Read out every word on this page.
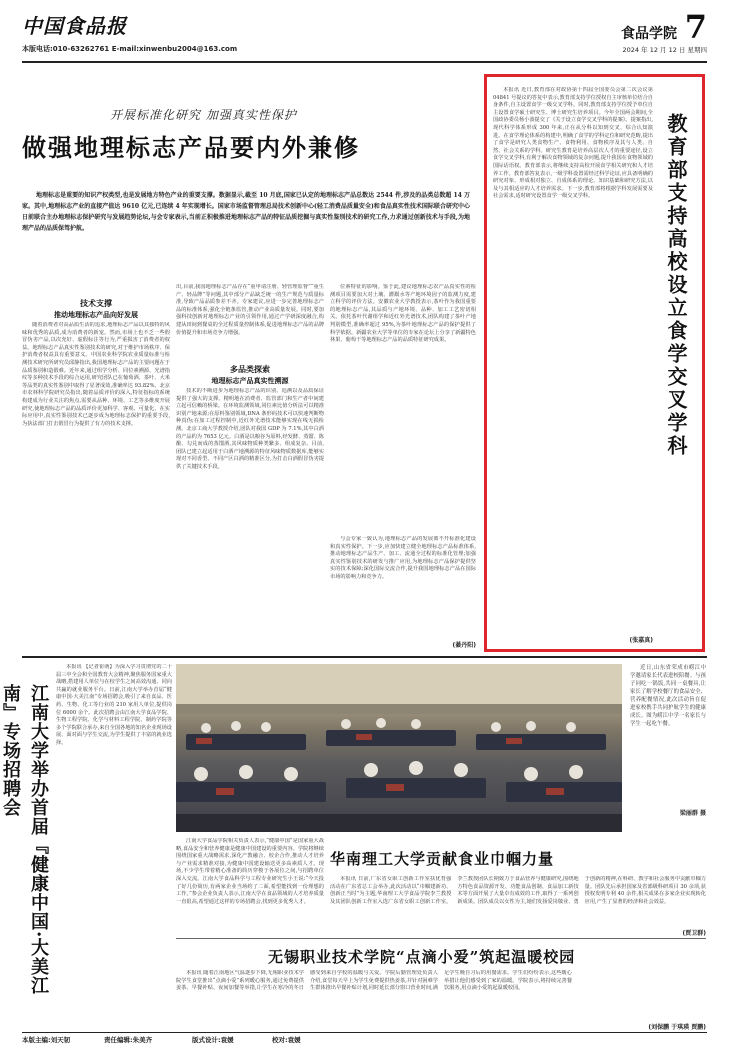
中国食品报
本版电话:010-63262761 E-mail:xinwenbu2004@163.com
食品学院 7
2024 年 12 月 12 日 星期四
开展标准化研究 加强真实性保护
做强地理标志产品要内外兼修
地理标志是重要的知识产权类型,也是发展地方特色产业的重要支撑。数据显示,截至 10 月底,国家已认定的地理标志产品总数达 2544 件,涉及的品类总数超 14 万家。其中,地理标志产业的直接产值达 9610 亿元,已连续 4 年实现增长。国家市场监督管理总局技术创新中心(轻工消费品质量安全)和食品真实性技术国际联合研究中心日前联合主办地理标志保护研究与发展趋势论坛,与会专家表示,当前正积极推进地理标志产品的特征品质挖掘与真实性鉴别技术的研究工作,力求通过创新技术与手段,为地理产品的品质保驾护航。
技术支撑
推动地理标志产品向好发展
随着消费者对高品质生活的追求,地理标志产品以其独特的风味和优秀的品质,成为消费者的新宠。然而,市场上也不乏一些假冒伪劣产品,以次充好、虚假标注等行为,严重损害了消费者的权益。地理标志产品真实性鉴别技术的研究,对于维护市场秩序、保护消费者权益具有重要意义。中国农业科学院农业质量标准与检测技术研究所研究员邱静指出,我国地理标志产品的主要问题在于品质鉴别和造假难。近年来,通过组学分析、同位素溯源、光谱指纹等多种技术手段的综合运用,研究团队已在葡萄酒、茶叶、大米等品类的真实性鉴别中取得了显著成效,准确率达 93.82%。北京市农林科学院研究员指出,随着品质评价的深入,特征指标的系统构建成为行业关注的焦点,需要从品种、环境、工艺等多维度开展研究,使地理标志产品的品质评价更加科学、客观、可量化。在实际应用中,真实性鉴别技术已逐步成为地理标志保护的重要手段,为执法部门打击假冒行为提供了有力的技术支撑。
出,目前,我国地理标志产品存在“重申请注册、轻管理监督”“重生产、轻品牌”等问题,其中部分产品缺乏统一的生产规范与质量标准,导致产品品质参差不齐。专家建议,应进一步完善地理标志产品的标准体系,强化全链条监管,推动产业高质量发展。同时,要加强科技创新对地理标志产业的引领作用,通过产学研深度融合,构建从田间到餐桌的全过程质量控制体系,促进地理标志产品的品牌价值提升和市场竞争力增强。
多品类探索
地理标志产品真实性溯源
技术的不断进步为地理标志产品的识别、追溯以及品质保证提供了强大的支撑。精明地在消费者、监管部门和生产者中间建立起可信赖的桥梁。在环境监测领域,同位素比值分析法可以精准识别产地来源;在原料鉴别领域,DNA 条形码技术可以快速判断物种真伪;在加工过程控制中,近红外光谱技术能够实现在线无损检测。北京工商大学教授介绍,团队对我国 GDP 为 7.1%,其中白酒的产品约为 7653 亿元。白酒是以粮谷为原料,经发酵、蒸馏、陈酿、勾兑而成的蒸馏酒,其风味物质种类繁多、组成复杂。目前,团队已建立起适用于白酒产地溯源的特征风味物质数据库,能够实现对不同香型、不同产区白酒的精准区分,为打击白酒假冒伪劣提供了关键技术手段。
位素特征的影响。鉴于此,建议地理标志农产品真实性的检测项目需要加大对土壤、灌溉水等产地环境因子的监测力度,建立科学的评价方法。安徽农业大学教授表示,茶叶作为我国重要的地理标志产品,其品质与产地环境、品种、加工工艺密切相关。依托茶叶代谢组学和近红外光谱技术,团队构建了茶叶产地判别模型,准确率超过 95%,为茶叶地理标志产品的保护提供了科学依据。新疆农业大学等单位的专家在论坛上分享了新疆特色林果、葡萄干等地理标志产品的品质特征研究成果。
与会专家一致认为,地理标志产品的发展离不开标准化建设和真实性保护。下一步,应加快建立健全地理标志产品标准体系,推动地理标志产品生产、加工、流通全过程的标准化管理;加强真实性鉴别技术的研发与推广应用,为地理标志产品保护提供坚实的技术保障;深化国际交流合作,提升我国地理标志产品在国际市场的影响力和竞争力。
(綦丹阳)
本报讯 近日,教育部在对政协第十四届全国委员会第二次会议第 04841 号提议的答复中表示,教育部支持学位授权自主审核单位结合自身条件,自主设置食学一级交叉学科。同时,教育部支持学位授予单位自主设置食学硕士研究生、博士研究生培养项目。今年全国两会期间,全国政协委员杨小波提交了《关于设立食学交叉学科的提案》。提案指出,现代科学体系形成 300 年来,正在从分科以知到交叉、综合认知演进。在食学理论体系的构建中,明确了食学的学科定位和研究范畴,提出了食学是研究人类食物生产、食物利用、食物秩序及其与人类、自然、社会关系的学科。研究生教育是培养高层次人才的重要途径,设立食学交叉学科,有利于解决食物领域的复杂问题,提升我国在食物领域的国际话语权。教育部表示,将继续支持高校开展食学相关研究和人才培养工作。教育部答复表示,一级学科设置需经过科学论证,应具备明确的研究对象、形成相对独立、自成体系的理论、知识基础和研究方法,以及与其相适应的人才培养需求。下一步,教育部将根据学科发展需要及社会需求,适时研究设置食学一级交叉学科。	教育部支持高校设立食学交叉学科
(张嘉真)
江南大学举办首届『健康中国·大美江南』专场招聘会
本报讯 【记者崔萌】为深入学习贯彻党的二十届三中全会和全国教育大会精神,聚焦服务国家重大战略,搭建用人单位与在校学生之间高效沟通、同向共赢的就业服务平台。日前,江南大学举办首届“健康中国·大美江南”专场招聘会,吸引了来自食品、医药、生物、化工等行业的 210 家用人单位,提供岗位 6000 余个。此次招聘会由江南大学食品学院、生物工程学院、化学与材料工程学院、制药学院等多个学院联合承办,来自全国各地的知名企业现场设展、面对面与学生交流,为学生提供了丰富的就业选择。
江南大学食品学院相关负责人表示,“健康中国”是国家重大战略,食品安全和营养健康是健康中国建设的重要内容。学院将继续围绕国家重大战略需求,深化产教融合、校企合作,推动人才培养与产业需求精准对接,为健康中国建设输送更多高素质人才。现场,不少学生带着精心准备的简历穿梭于各展位之间,与招聘单位深入交流。江南大学食品科学与工程专业研究生小王说:“今天投了好几份简历,有两家企业当场约了二面,希望能找到一份理想的工作。”参会企业负责人表示,江南大学在食品领域的人才培养质量一直很高,希望通过这样的专场招聘会,找到更多优秀人才。
近日,山东省荣成市崂江中学邀请家长代表进校陪餐。与孩子同吃一锅饭,共同一桌餐具,让家长了解学校餐厅的食品安全、营养配餐情况,此次活动旨在促进家校携手共同护航学生的健康成长。图为崂江中学一名家长与学生一起吃午餐。
梁丽群 摄
华南理工大学贡献食业巾帼力量
本报讯 日前,广东省女职工创新工作室扶优育强活动在广东省总工会举办,此次活动以“巾帼建新功、创新正当时”为主题,华南理工大学食品学院李兰教授及其团队创新工作室入选广东省女职工创新工作室。李兰教授团队长期致力于食品营养与健康研究,围绕地方特色食品资源开发、功能食品创制、食品加工新技术等方面开展了大量卓有成效的工作,取得了一系列创新成果。团队成员以女性为主,她们发扬爱岗敬业、勇于创新的精神,在科研、教学和社会服务中贡献巾帼力量。团队先后承担国家及省部级科研项目 30 余项,获授权发明专利 40 余件,相关成果在多家企业实现转化应用,产生了显著的经济和社会效益。
(贾卫群)
无锡职业技术学院“点滴小爱”筑起温暖校园
本报讯 随着江南地区气温逐步下降,无锡职业技术学院学生食堂推出“点滴小爱”系列暖心服务,通过免费提供姜茶、早餐补贴、夜间加餐等举措,让学生在寒冷的冬日感受到来自学校的温暖与关爱。学院后勤管理处负责人介绍,食堂每天早上为学生免费提供热姜茶,并针对困难学生群体推出早餐补贴计划,同时延长部分窗口营业时间,满足学生晚自习后的用餐需求。学生们纷纷表示,这些暖心举措让他们感受到了家的温暖。学院表示,将持续完善餐饮服务,用点滴小爱筑起温暖校园。
(刘保鹏 于琪瑛 贾鹏)
本版主编:刘天韧	责任编辑:朱美齐	版式设计:袁媛	校对:袁媛
